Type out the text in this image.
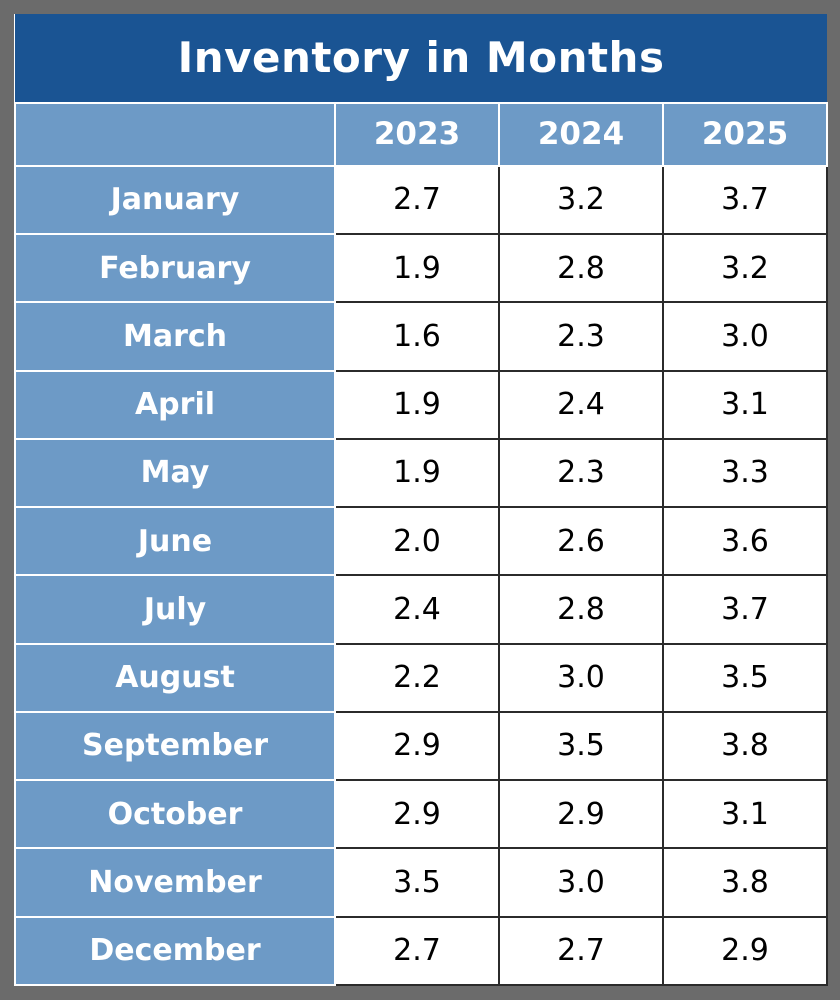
Inventory in Months			
	2023	2024	2025
January	2.7	3.2	3.7
February	1.9	2.8	3.2
March	1.6	2.3	3.0
April	1.9	2.4	3.1
May	1.9	2.3	3.3
June	2.0	2.6	3.6
July	2.4	2.8	3.7
August	2.2	3.0	3.5
September	2.9	3.5	3.8
October	2.9	2.9	3.1
November	3.5	3.0	3.8
December	2.7	2.7	2.9
